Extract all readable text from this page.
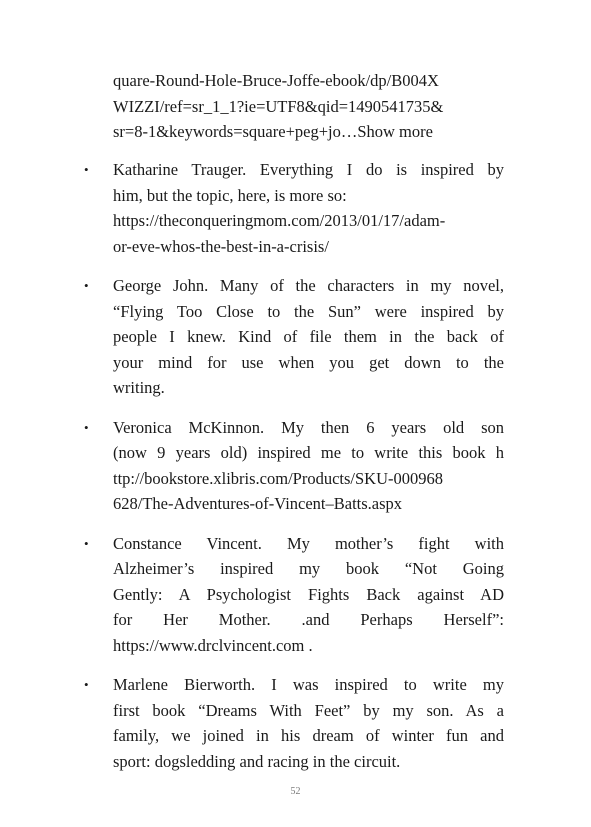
quare-Round-Hole-Bruce-Joffe-ebook/dp/B004X
WIZZI/ref=sr_1_1?ie=UTF8&qid=1490541735&
sr=8-1&keywords=square+peg+jo…Show more
• Katharine Trauger. Everything I do is inspired by
him, but the topic, here, is more so:
https://theconqueringmom.com/2013/01/17/adam-
or-eve-whos-the-best-in-a-crisis/
• George John. Many of the characters in my novel,
“Flying Too Close to the Sun” were inspired by
people I knew. Kind of file them in the back of
your mind for use when you get down to the
writing.
• Veronica McKinnon. My then 6 years old son
(now 9 years old) inspired me to write this book h
ttp://bookstore.xlibris.com/Products/SKU-000968
628/The-Adventures-of-Vincent–Batts.aspx
• Constance Vincent. My mother’s fight with
Alzheimer’s inspired my book “Not Going
Gently: A Psychologist Fights Back against AD
for Her Mother. .and Perhaps Herself”:
https://www.drclvincent.com .
• Marlene Bierworth. I was inspired to write my
first book “Dreams With Feet” by my son. As a
family, we joined in his dream of winter fun and
sport: dogsledding and racing in the circuit.
52
